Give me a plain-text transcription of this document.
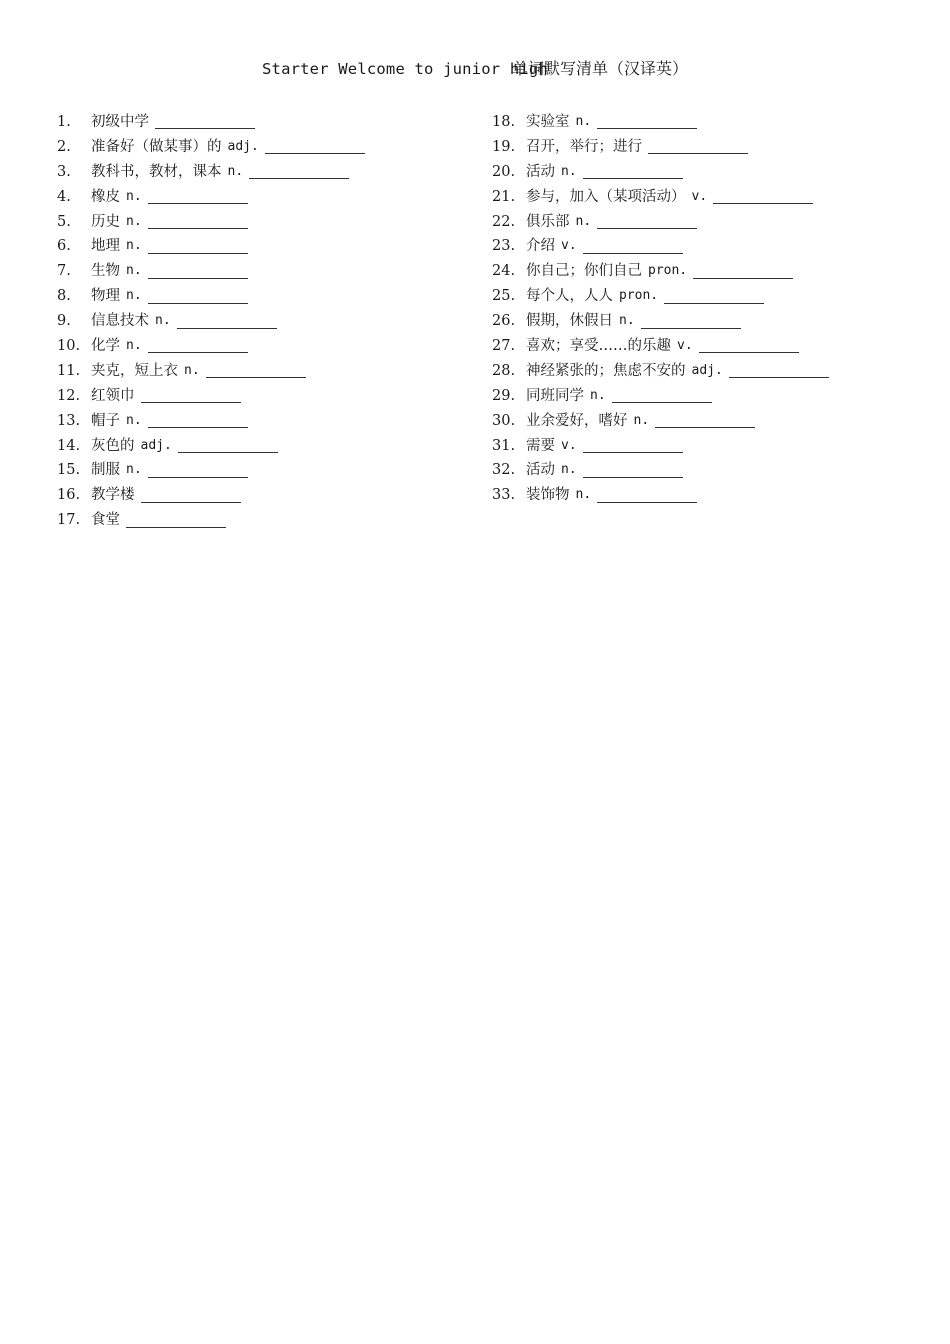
Starter Welcome to junior high单词默写清单（汉译英）
1.	初级中学
2.	准备好（做某事）的 adj.
3.	教科书，教材，课本 n.
4.	橡皮 n.
5.	历史 n.
6.	地理 n.
7.	生物 n.
8.	物理 n.
9.	信息技术 n.
10. 化学 n.
11. 夹克，短上衣 n.
12. 红领巾
13. 帽子 n.
14. 灰色的 adj.
15. 制服 n.
16. 教学楼
17. 食堂
18. 实验室 n.
19. 召开，举行；进行
20. 活动 n.
21. 参与，加入（某项活动） v.
22. 俱乐部 n.
23. 介绍 v.
24. 你自己；你们自己 pron.
25. 每个人，人人 pron.
26. 假期，休假日 n.
27. 喜欢；享受……的乐趣 v.
28. 神经紧张的；焦虑不安的 adj.
29. 同班同学 n.
30. 业余爱好，嗜好 n.
31. 需要 v.
32. 活动 n.
33. 装饰物 n.
